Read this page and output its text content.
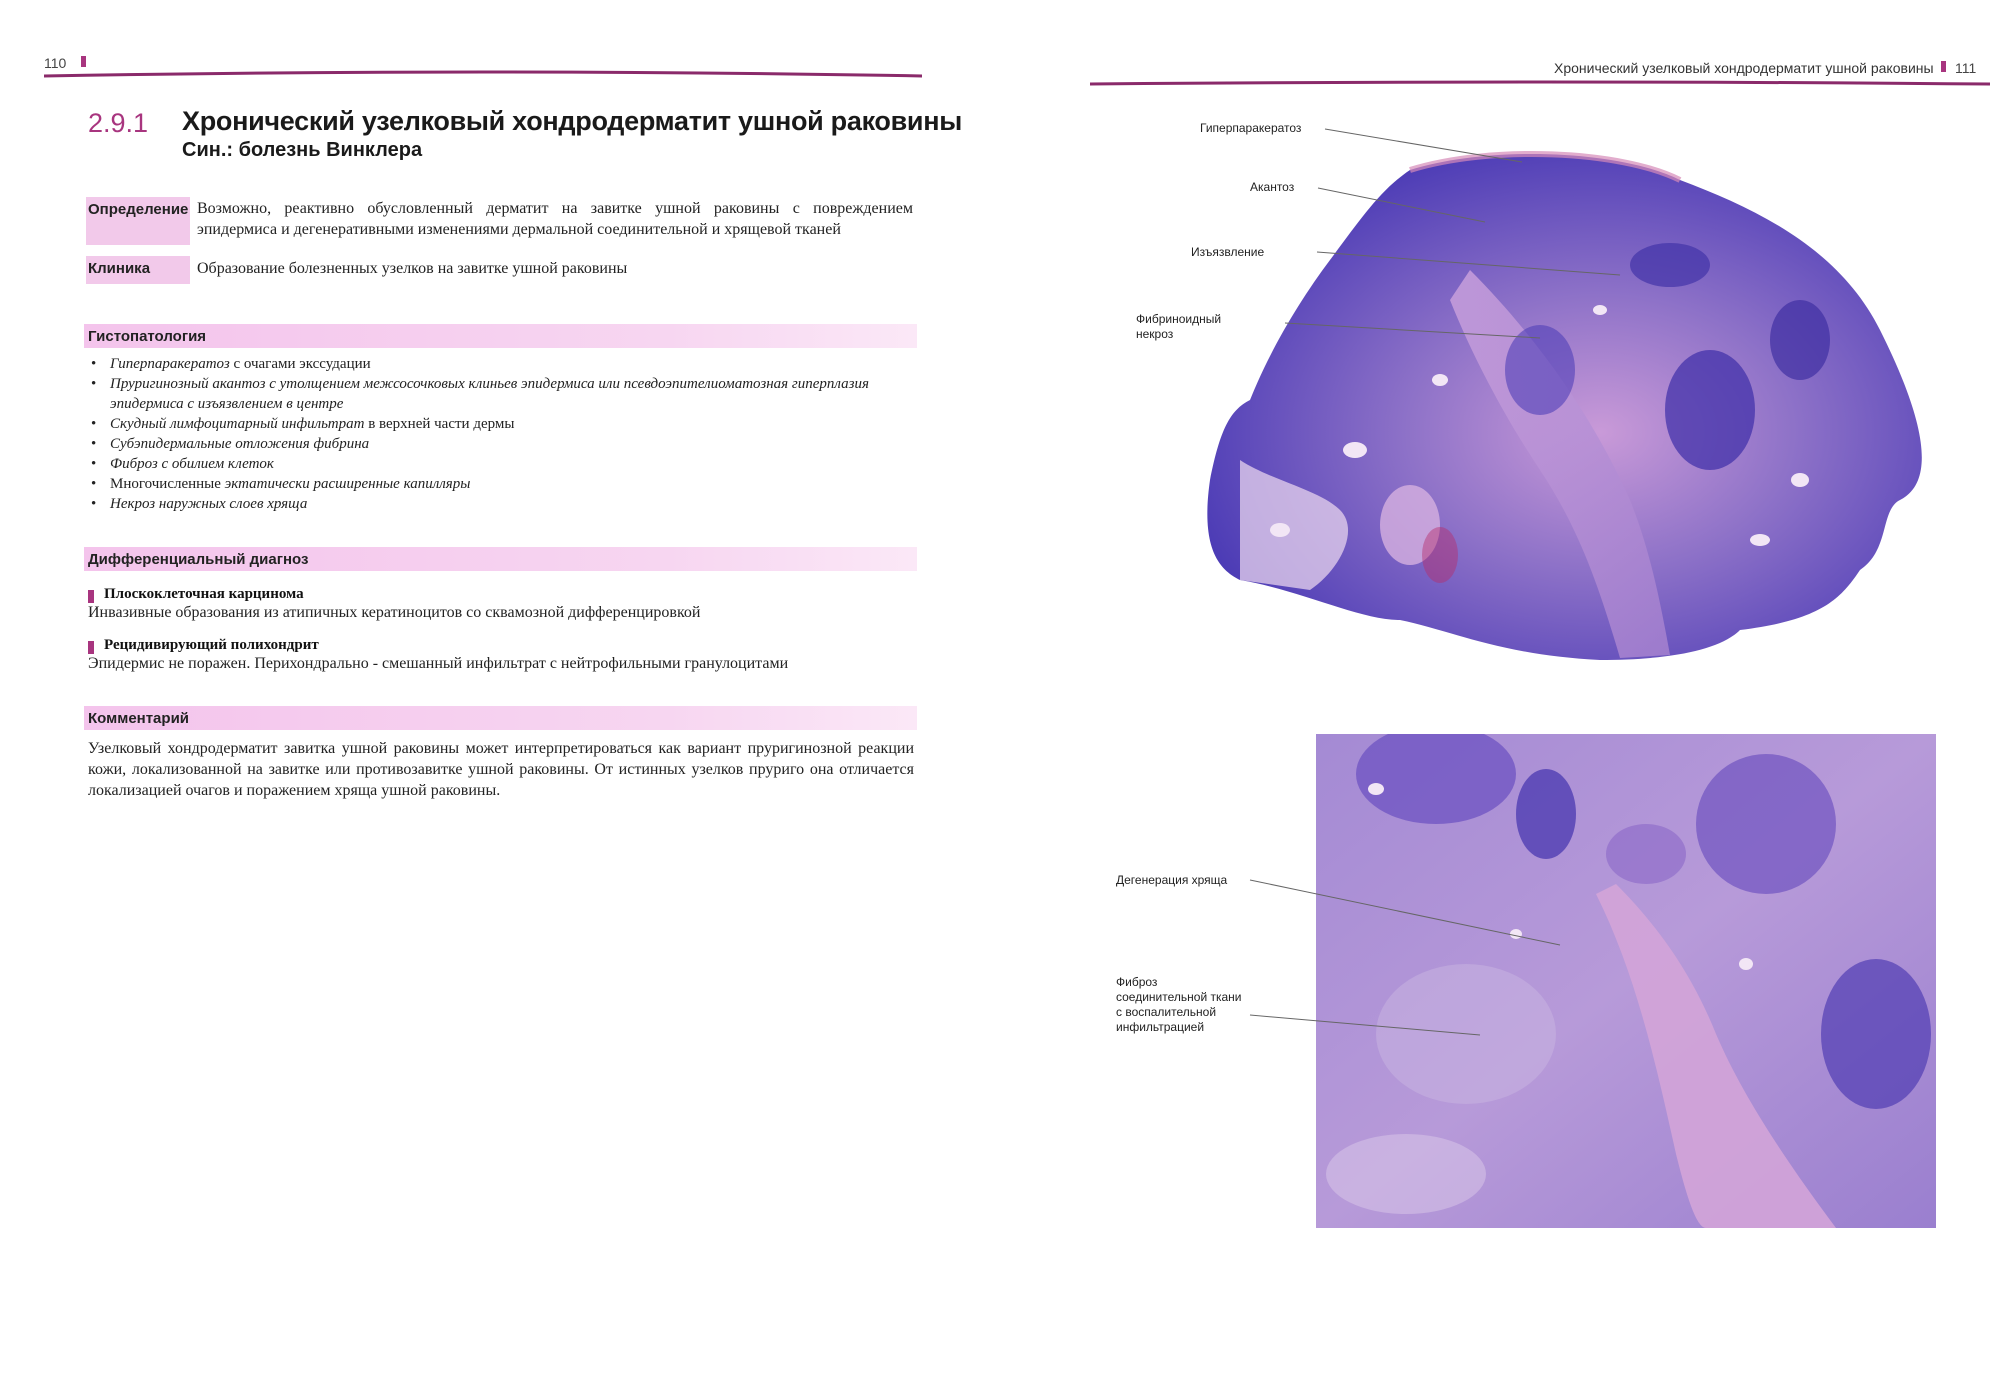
110
2.9.1 Хронический узелковый хондродерматит ушной раковины
Син.: болезнь Винклера
Определение Возможно, реактивно обусловленный дерматит на завитке ушной раковины с повреждением эпидермиса и дегенеративными изменениями дермальной соединительной и хрящевой тканей
Клиника	Образование болезненных узелков на завитке ушной раковины
Гистопатология
• Гиперпаракератоз с очагами экссудации
• Пруригинозный акантоз с утолщением межсосочковых клиньев эпидермиса или псевдоэпителиоматозная гиперплазия эпидермиса с изъязвлением в центре
• Скудный лимфоцитарный инфильтрат в верхней части дермы
• Субэпидермальные отложения фибрина
• Фиброз с обилием клеток
• Многочисленные эктатически расширенные капилляры
• Некроз наружных слоев хряща
Дифференциальный диагноз
Плоскоклеточная карцинома
Инвазивные образования из атипичных кератиноцитов со сквамозной дифференцировкой
Рецидивирующий полихондрит
Эпидермис не поражен. Перихондрально - смешанный инфильтрат с нейтрофильными гранулоцитами
Комментарий
Узелковый хондродерматит завитка ушной раковины может интерпретироваться как вариант пруригинозной реакции кожи, локализованной на завитке или противозавитке ушной раковины. От истинных узелков пруриго она отличается локализацией очагов и поражением хряща ушной раковины.
Хронический узелковый хондродерматит ушной раковины 111
Гиперпаракератоз
Акантоз
Изъязвление
Фибриноидный
некроз
Дегенерация хряща
Фиброз
соединительной ткани
с воспалительной
инфильтрацией
